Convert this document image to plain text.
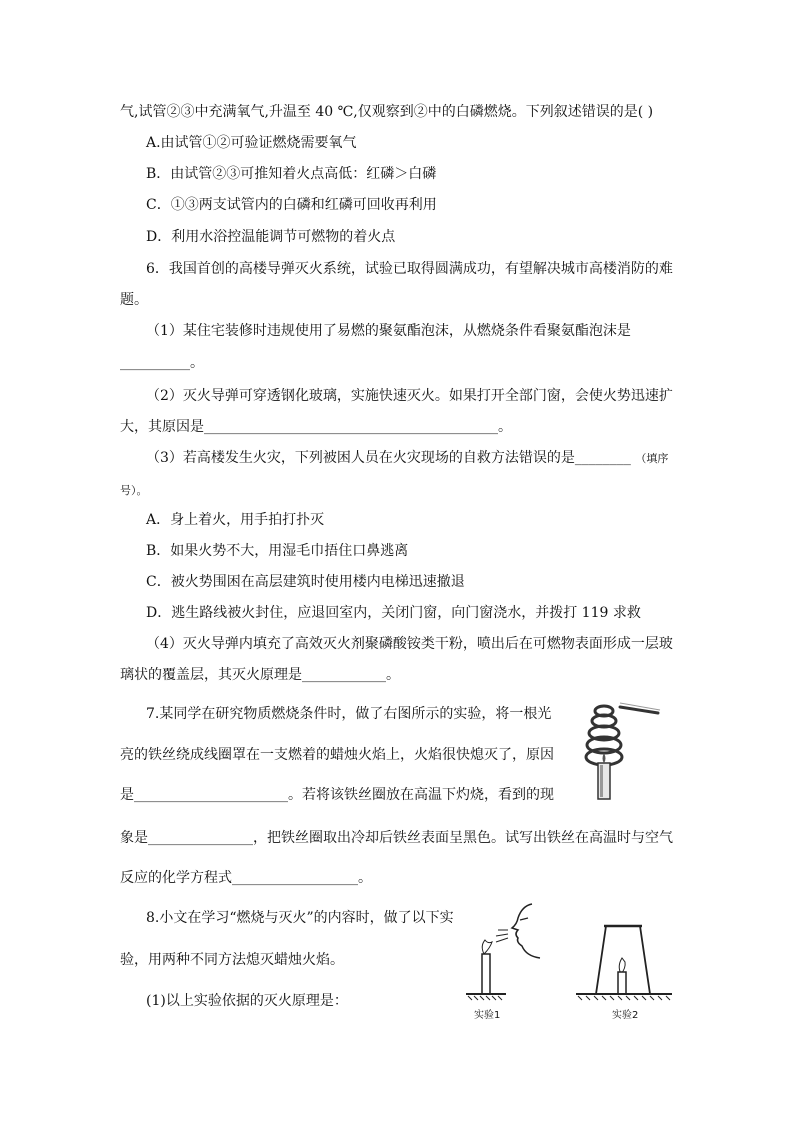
气,试管②③中充满氧气,升温至 40 ℃,仅观察到②中的白磷燃烧。下列叙述错误的是( )
A.由试管①②可验证燃烧需要氧气
B．由试管②③可推知着火点高低：红磷＞白磷
C．①③两支试管内的白磷和红磷可回收再利用
D．利用水浴控温能调节可燃物的着火点
6．我国首创的高楼导弹灭火系统，试验已取得圆满成功，有望解决城市高楼消防的难
题。
（1）某住宅装修时违规使用了易燃的聚氨酯泡沫，从燃烧条件看聚氨酯泡沫是
__________。
（2）灭火导弹可穿透钢化玻璃，实施快速灭火。如果打开全部门窗，会使火势迅速扩
大，其原因是__________________________________________。
（3）若高楼发生火灾，下列被困人员在火灾现场的自救方法错误的是________ （填序
号）。
A．身上着火，用手拍打扑灭
B．如果火势不大，用湿毛巾捂住口鼻逃离
C．被火势围困在高层建筑时使用楼内电梯迅速撤退
D．逃生路线被火封住，应退回室内，关闭门窗，向门窗浇水，并拨打 119 求救
（4）灭火导弹内填充了高效灭火剂聚磷酸铵类干粉，喷出后在可燃物表面形成一层玻
璃状的覆盖层，其灭火原理是____________。
7.某同学在研究物质燃烧条件时，做了右图所示的实验，将一根光
亮的铁丝绕成线圈罩在一支燃着的蜡烛火焰上，火焰很快熄灭了，原因
是______________________。若将该铁丝圈放在高温下灼烧，看到的现
象是_______________，把铁丝圈取出冷却后铁丝表面呈黑色。试写出铁丝在高温时与空气
反应的化学方程式__________________。
8.小文在学习“燃烧与灭火”的内容时，做了以下实
验，用两种不同方法熄灭蜡烛火焰。
(1)以上实验依据的灭火原理是：
实验1	实验2
